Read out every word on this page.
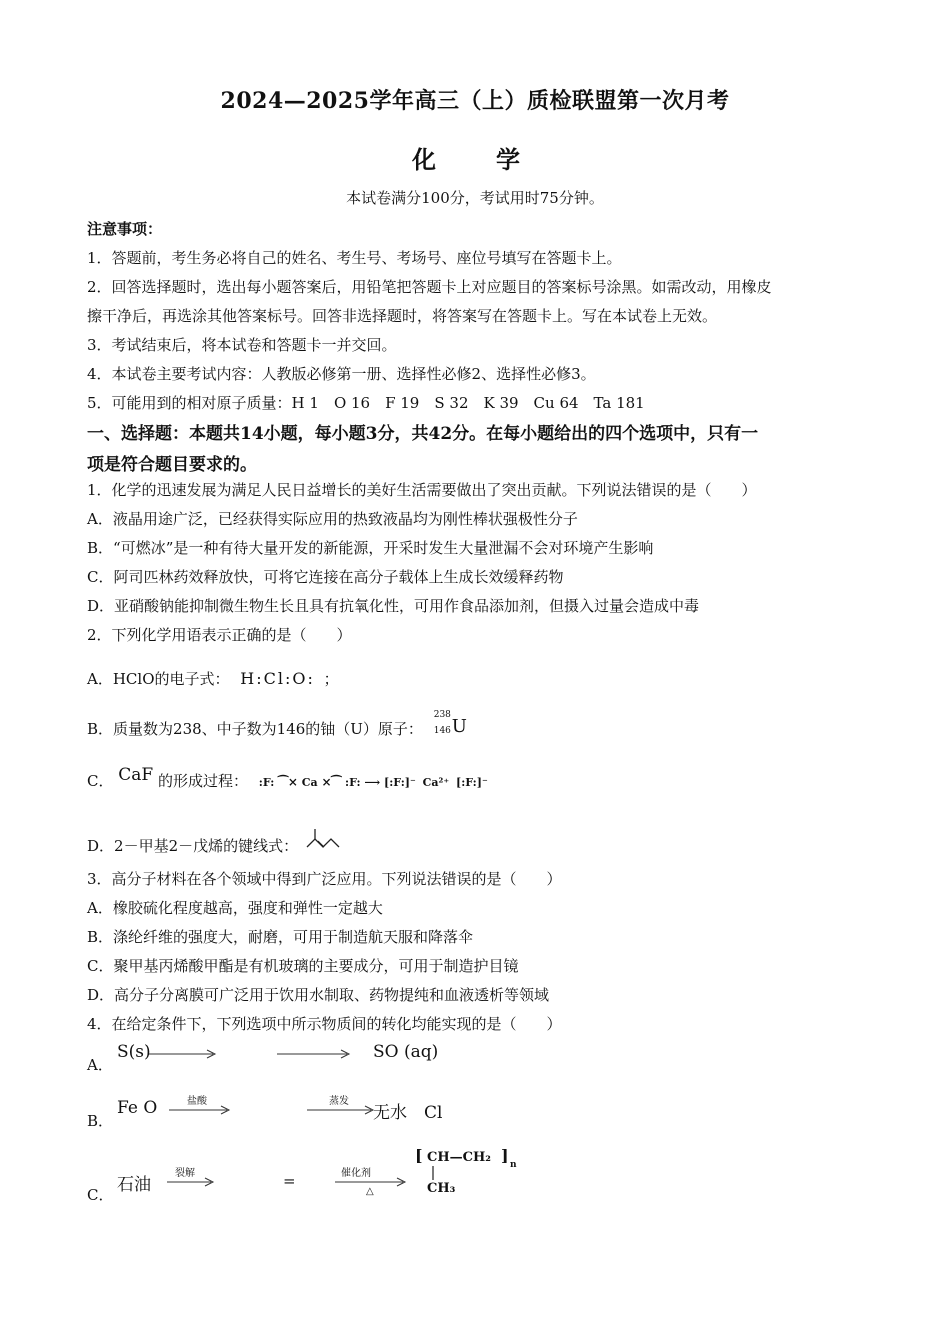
2024—2025学年高三（上）质检联盟第一次月考
化　学
本试卷满分100分，考试用时75分钟。
注意事项：
1．答题前，考生务必将自己的姓名、考生号、考场号、座位号填写在答题卡上。
2．回答选择题时，选出每小题答案后，用铅笔把答题卡上对应题目的答案标号涂黑。如需改动，用橡皮
擦干净后，再选涂其他答案标号。回答非选择题时，将答案写在答题卡上。写在本试卷上无效。
3．考试结束后，将本试卷和答题卡一并交回。
4．本试卷主要考试内容：人教版必修第一册、选择性必修2、选择性必修3。
5．可能用到的相对原子质量：H 1　O 16　F 19　S 32　K 39　Cu 64　Ta 181
一、选择题：本题共14小题，每小题3分，共42分。在每小题给出的四个选项中，只有一
项是符合题目要求的。
1．化学的迅速发展为满足人民日益增长的美好生活需要做出了突出贡献。下列说法错误的是（　　）
A．液晶用途广泛，已经获得实际应用的热致液晶均为刚性棒状强极性分子
B．“可燃冰”是一种有待大量开发的新能源，开采时发生大量泄漏不会对环境产生影响
C．阿司匹林药效释放快，可将它连接在高分子载体上生成长效缓释药物
D．亚硝酸钠能抑制微生物生长且具有抗氧化性，可用作食品添加剂，但摄入过量会造成中毒
2．下列化学用语表示正确的是（　　）
A．HClO的电子式： H:Cl:O: ；
B．质量数为238、中子数为146的铀（U）原子：
238
146 U
C． CaF 的形成过程： :F: ⁀× Ca ×⁀ :F: ⟶ [:F:]⁻ Ca²⁺ [:F:]⁻
D．2－甲基2－戊烯的键线式：
3．高分子材料在各个领域中得到广泛应用。下列说法错误的是（　　）
A．橡胶硫化程度越高，强度和弹性一定越大
B．涤纶纤维的强度大，耐磨，可用于制造航天服和降落伞
C．聚甲基丙烯酸甲酯是有机玻璃的主要成分，可用于制造护目镜
D．高分子分离膜可广泛用于饮用水制取、药物提纯和血液透析等领域
4．在给定条件下，下列选项中所示物质间的转化均能实现的是（　　）
A．
S(s)	SO (aq)
B．
Fe O	盐酸	蒸发
无水　Cl
C． 石油
裂解	=	催化剂
△
[ CH—CH₂ ] n
CH₃
